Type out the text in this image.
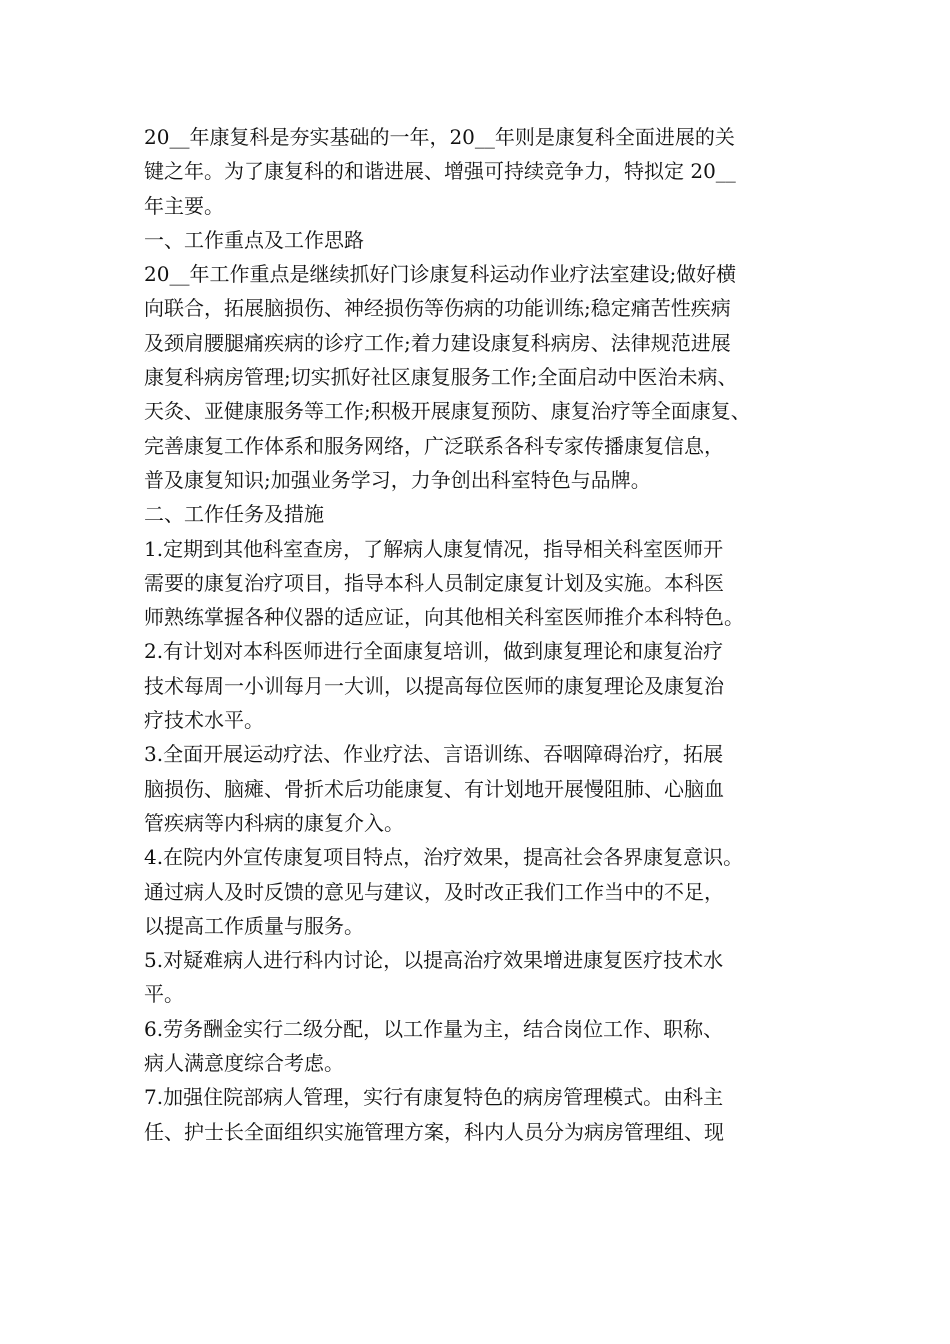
20__年康复科是夯实基础的一年，20__年则是康复科全面进展的关
键之年。为了康复科的和谐进展、增强可持续竞争力，特拟定 20__
年主要。
一、工作重点及工作思路
20__年工作重点是继续抓好门诊康复科运动作业疗法室建设;做好横
向联合，拓展脑损伤、神经损伤等伤病的功能训练;稳定痛苦性疾病
及颈肩腰腿痛疾病的诊疗工作;着力建设康复科病房、法律规范进展
康复科病房管理;切实抓好社区康复服务工作;全面启动中医治未病、
天灸、亚健康服务等工作;积极开展康复预防、康复治疗等全面康复、
完善康复工作体系和服务网络，广泛联系各科专家传播康复信息，
普及康复知识;加强业务学习，力争创出科室特色与品牌。
二、工作任务及措施
1.定期到其他科室查房，了解病人康复情况，指导相关科室医师开
需要的康复治疗项目，指导本科人员制定康复计划及实施。本科医
师熟练掌握各种仪器的适应证，向其他相关科室医师推介本科特色。
2.有计划对本科医师进行全面康复培训，做到康复理论和康复治疗
技术每周一小训每月一大训，以提高每位医师的康复理论及康复治
疗技术水平。
3.全面开展运动疗法、作业疗法、言语训练、吞咽障碍治疗，拓展
脑损伤、脑瘫、骨折术后功能康复、有计划地开展慢阻肺、心脑血
管疾病等内科病的康复介入。
4.在院内外宣传康复项目特点，治疗效果，提高社会各界康复意识。
通过病人及时反馈的意见与建议，及时改正我们工作当中的不足，
以提高工作质量与服务。
5.对疑难病人进行科内讨论，以提高治疗效果增进康复医疗技术水
平。
6.劳务酬金实行二级分配，以工作量为主，结合岗位工作、职称、
病人满意度综合考虑。
7.加强住院部病人管理，实行有康复特色的病房管理模式。由科主
任、护士长全面组织实施管理方案，科内人员分为病房管理组、现
